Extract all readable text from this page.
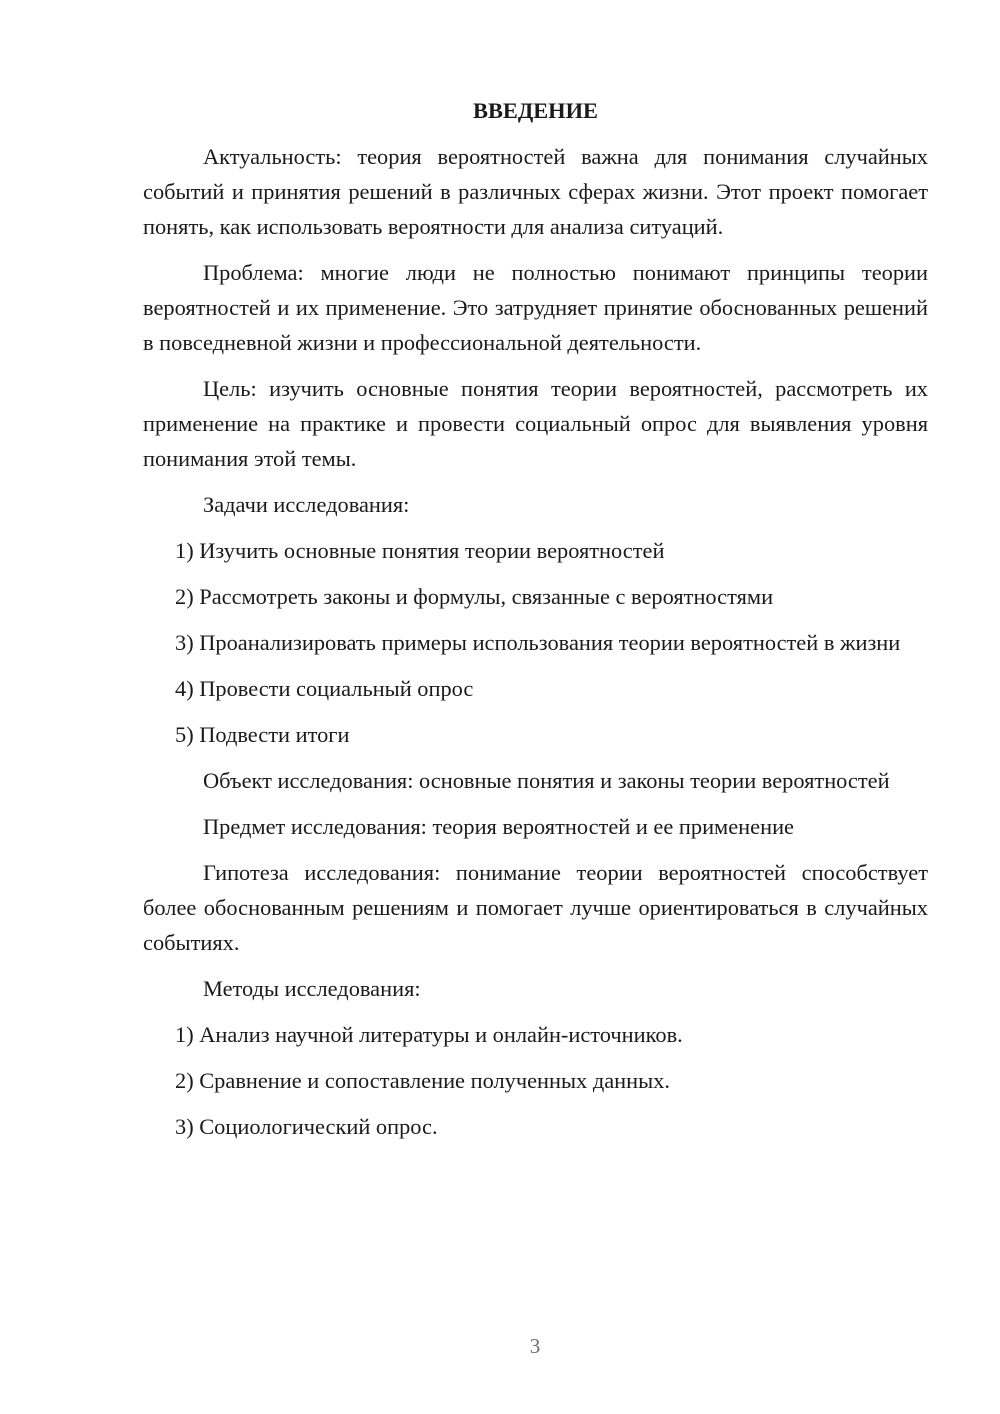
ВВЕДЕНИЕ

Актуальность: теория вероятностей важна для понимания случайных событий и принятия решений в различных сферах жизни. Этот проект помогает понять, как использовать вероятности для анализа ситуаций.

Проблема: многие люди не полностью понимают принципы теории вероятностей и их применение. Это затрудняет принятие обоснованных решений в повседневной жизни и профессиональной деятельности.

Цель: изучить основные понятия теории вероятностей, рассмотреть их применение на практике и провести социальный опрос для выявления уровня понимания этой темы.

Задачи исследования:

1) Изучить основные понятия теории вероятностей

2) Рассмотреть законы и формулы, связанные с вероятностями

3) Проанализировать примеры использования теории вероятностей в жизни

4) Провести социальный опрос

5) Подвести итоги

Объект исследования: основные понятия и законы теории вероятностей

Предмет исследования: теория вероятностей и ее применение

Гипотеза исследования: понимание теории вероятностей способствует более обоснованным решениям и помогает лучше ориентироваться в случайных событиях.

Методы исследования:

1) Анализ научной литературы и онлайн-источников.

2) Сравнение и сопоставление полученных данных.

3) Социологический опрос.

3
